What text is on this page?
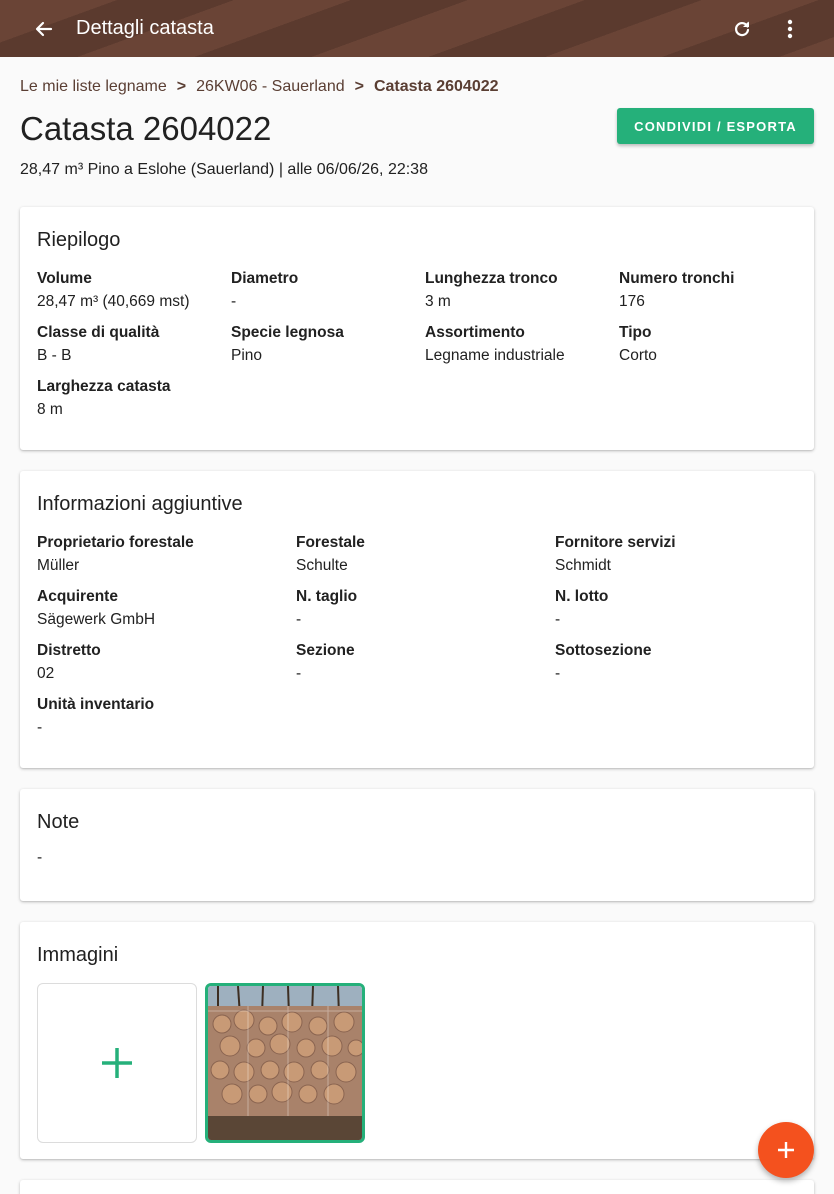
Dettagli catasta
Le mie liste legname > 26KW06 - Sauerland > Catasta 2604022
Catasta 2604022	CONDIVIDI / ESPORTA
28,47 m³ Pino a Eslohe (Sauerland) | alle 06/06/26, 22:38
Riepilogo
Volume
28,47 m³ (40,669 mst)
Diametro
-
Lunghezza tronco
3 m
Numero tronchi
176
Classe di qualità
B - B
Specie legnosa
Pino
Assortimento
Legname industriale
Tipo
Corto
Larghezza catasta
8 m
Informazioni aggiuntive
Proprietario forestale
Müller
Forestale
Schulte
Fornitore servizi
Schmidt
Acquirente
Sägewerk GmbH
N. taglio
-
N. lotto
-
Distretto
02
Sezione
-
Sottosezione
-
Unità inventario
-
Note
-
Immagini
